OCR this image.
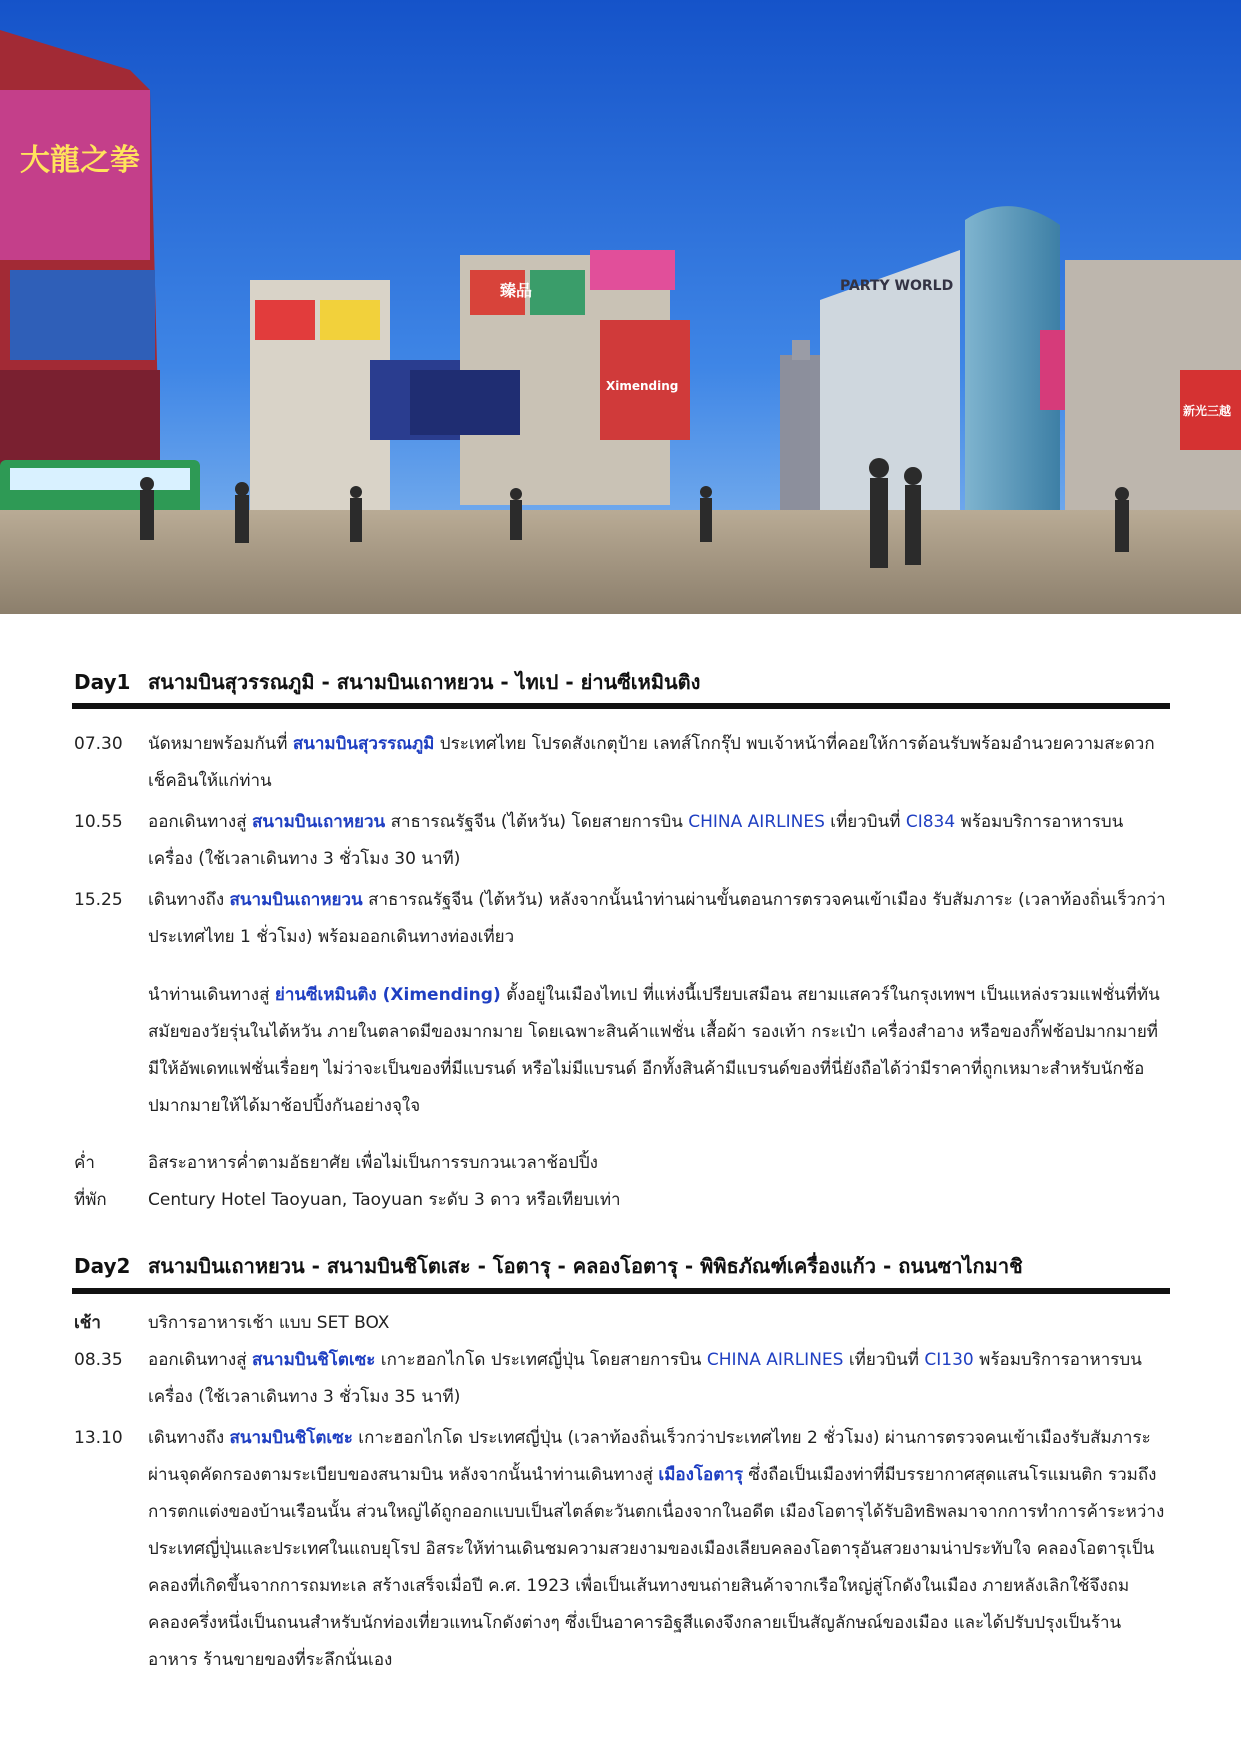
大龍之拳
臻品
Ximending
PARTY WORLD
新光三越
Day1 สนามบินสุวรรณภูมิ - สนามบินเถาหยวน - ไทเป - ย่านซีเหมินติง
07.30	นัดหมายพร้อมกันที่ สนามบินสุวรรณภูมิ ประเทศไทย โปรดสังเกตุป้าย เลทส์โกกรุ๊ป พบเจ้าหน้าที่คอยให้การต้อนรับพร้อมอำนวยความสะดวกเช็คอินให้แก่ท่าน
10.55	ออกเดินทางสู่ สนามบินเถาหยวน สาธารณรัฐจีน (ไต้หวัน) โดยสายการบิน CHINA AIRLINES เที่ยวบินที่ CI834 พร้อมบริการอาหารบนเครื่อง (ใช้เวลาเดินทาง 3 ชั่วโมง 30 นาที)
15.25	เดินทางถึง สนามบินเถาหยวน สาธารณรัฐจีน (ไต้หวัน) หลังจากนั้นนำท่านผ่านขั้นตอนการตรวจคนเข้าเมือง รับสัมภาระ (เวลาท้องถิ่นเร็วกว่าประเทศไทย 1 ชั่วโมง) พร้อมออกเดินทางท่องเที่ยว
นำท่านเดินทางสู่ ย่านซีเหมินติง (Ximending) ตั้งอยู่ในเมืองไทเป ที่แห่งนี้เปรียบเสมือน สยามแสควร์ในกรุงเทพฯ เป็นแหล่งรวมแฟชั่นที่ทันสมัยของวัยรุ่นในไต้หวัน ภายในตลาดมีของมากมาย โดยเฉพาะสินค้าแฟชั่น เสื้อผ้า รองเท้า กระเป๋า เครื่องสำอาง หรือของกิ๊ฟช้อปมากมายที่มีให้อัพเดทแฟชั่นเรื่อยๆ ไม่ว่าจะเป็นของที่มีแบรนด์ หรือไม่มีแบรนด์ อีกทั้งสินค้ามีแบรนด์ของที่นี่ยังถือได้ว่ามีราคาที่ถูกเหมาะสำหรับนักช้อปมากมายให้ได้มาช้อปปิ้งกันอย่างจุใจ
ค่ำ	อิสระอาหารค่ำตามอัธยาศัย เพื่อไม่เป็นการรบกวนเวลาช้อปปิ้ง
ที่พัก	Century Hotel Taoyuan, Taoyuan ระดับ 3 ดาว หรือเทียบเท่า
Day2 สนามบินเถาหยวน - สนามบินชิโตเสะ - โอตารุ - คลองโอตารุ - พิพิธภัณฑ์เครื่องแก้ว - ถนนซาไกมาชิ
เช้า	บริการอาหารเช้า แบบ SET BOX
08.35	ออกเดินทางสู่ สนามบินชิโตเซะ เกาะฮอกไกโด ประเทศญี่ปุ่น โดยสายการบิน CHINA AIRLINES เที่ยวบินที่ CI130 พร้อมบริการอาหารบนเครื่อง (ใช้เวลาเดินทาง 3 ชั่วโมง 35 นาที)
13.10	เดินทางถึง สนามบินชิโตเซะ เกาะฮอกไกโด ประเทศญี่ปุ่น (เวลาท้องถิ่นเร็วกว่าประเทศไทย 2 ชั่วโมง) ผ่านการตรวจคนเข้าเมืองรับสัมภาระผ่านจุดคัดกรองตามระเบียบของสนามบิน หลังจากนั้นนำท่านเดินทางสู่ เมืองโอตารุ ซึ่งถือเป็นเมืองท่าที่มีบรรยากาศสุดแสนโรแมนติก รวมถึงการตกแต่งของบ้านเรือนนั้น ส่วนใหญ่ได้ถูกออกแบบเป็นสไตล์ตะวันตกเนื่องจากในอดีต เมืองโอตารุได้รับอิทธิพลมาจากการทำการค้าระหว่างประเทศญี่ปุ่นและประเทศในแถบยุโรป อิสระให้ท่านเดินชมความสวยงามของเมืองเลียบคลองโอตารุอันสวยงามน่าประทับใจ คลองโอตารุเป็นคลองที่เกิดขึ้นจากการถมทะเล สร้างเสร็จเมื่อปี ค.ศ. 1923 เพื่อเป็นเส้นทางขนถ่ายสินค้าจากเรือใหญ่สู่โกดังในเมือง ภายหลังเลิกใช้จึงถมคลองครึ่งหนึ่งเป็นถนนสำหรับนักท่องเที่ยวแทนโกดังต่างๆ ซึ่งเป็นอาคารอิฐสีแดงจึงกลายเป็นสัญลักษณ์ของเมือง และได้ปรับปรุงเป็นร้านอาหาร ร้านขายของที่ระลึกนั่นเอง
